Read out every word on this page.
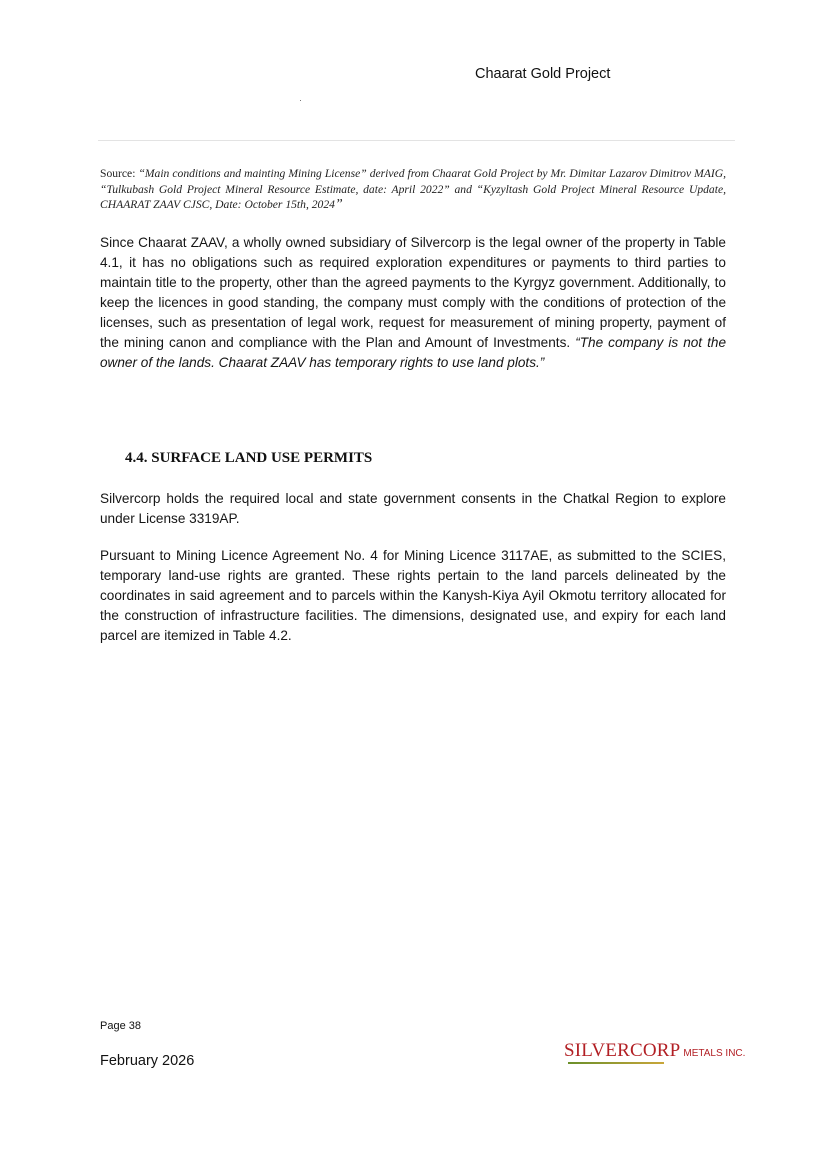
Chaarat Gold Project
Source: “Main conditions and mainting Mining License” derived from Chaarat Gold Project by Mr. Dimitar Lazarov Dimitrov MAIG, “Tulkubash Gold Project Mineral Resource Estimate, date: April 2022” and “Kyzyltash Gold Project Mineral Resource Update, CHAARAT ZAAV CJSC, Date: October 15th, 2024”
Since Chaarat ZAAV, a wholly owned subsidiary of Silvercorp is the legal owner of the property in Table 4.1, it has no obligations such as required exploration expenditures or payments to third parties to maintain title to the property, other than the agreed payments to the Kyrgyz government. Additionally, to keep the licences in good standing, the company must comply with the conditions of protection of the licenses, such as presentation of legal work, request for measurement of mining property, payment of the mining canon and compliance with the Plan and Amount of Investments. “The company is not the owner of the lands. Chaarat ZAAV has temporary rights to use land plots.”
4.4. SURFACE LAND USE PERMITS
Silvercorp holds the required local and state government consents in the Chatkal Region to explore under License 3319AP.
Pursuant to Mining Licence Agreement No. 4 for Mining Licence 3117AE, as submitted to the SCIES, temporary land-use rights are granted. These rights pertain to the land parcels delineated by the coordinates in said agreement and to parcels within the Kanysh-Kiya Ayil Okmotu territory allocated for the construction of infrastructure facilities. The dimensions, designated use, and expiry for each land parcel are itemized in Table 4.2.
Page 38
February 2026	SILVERCORP METALS INC.
